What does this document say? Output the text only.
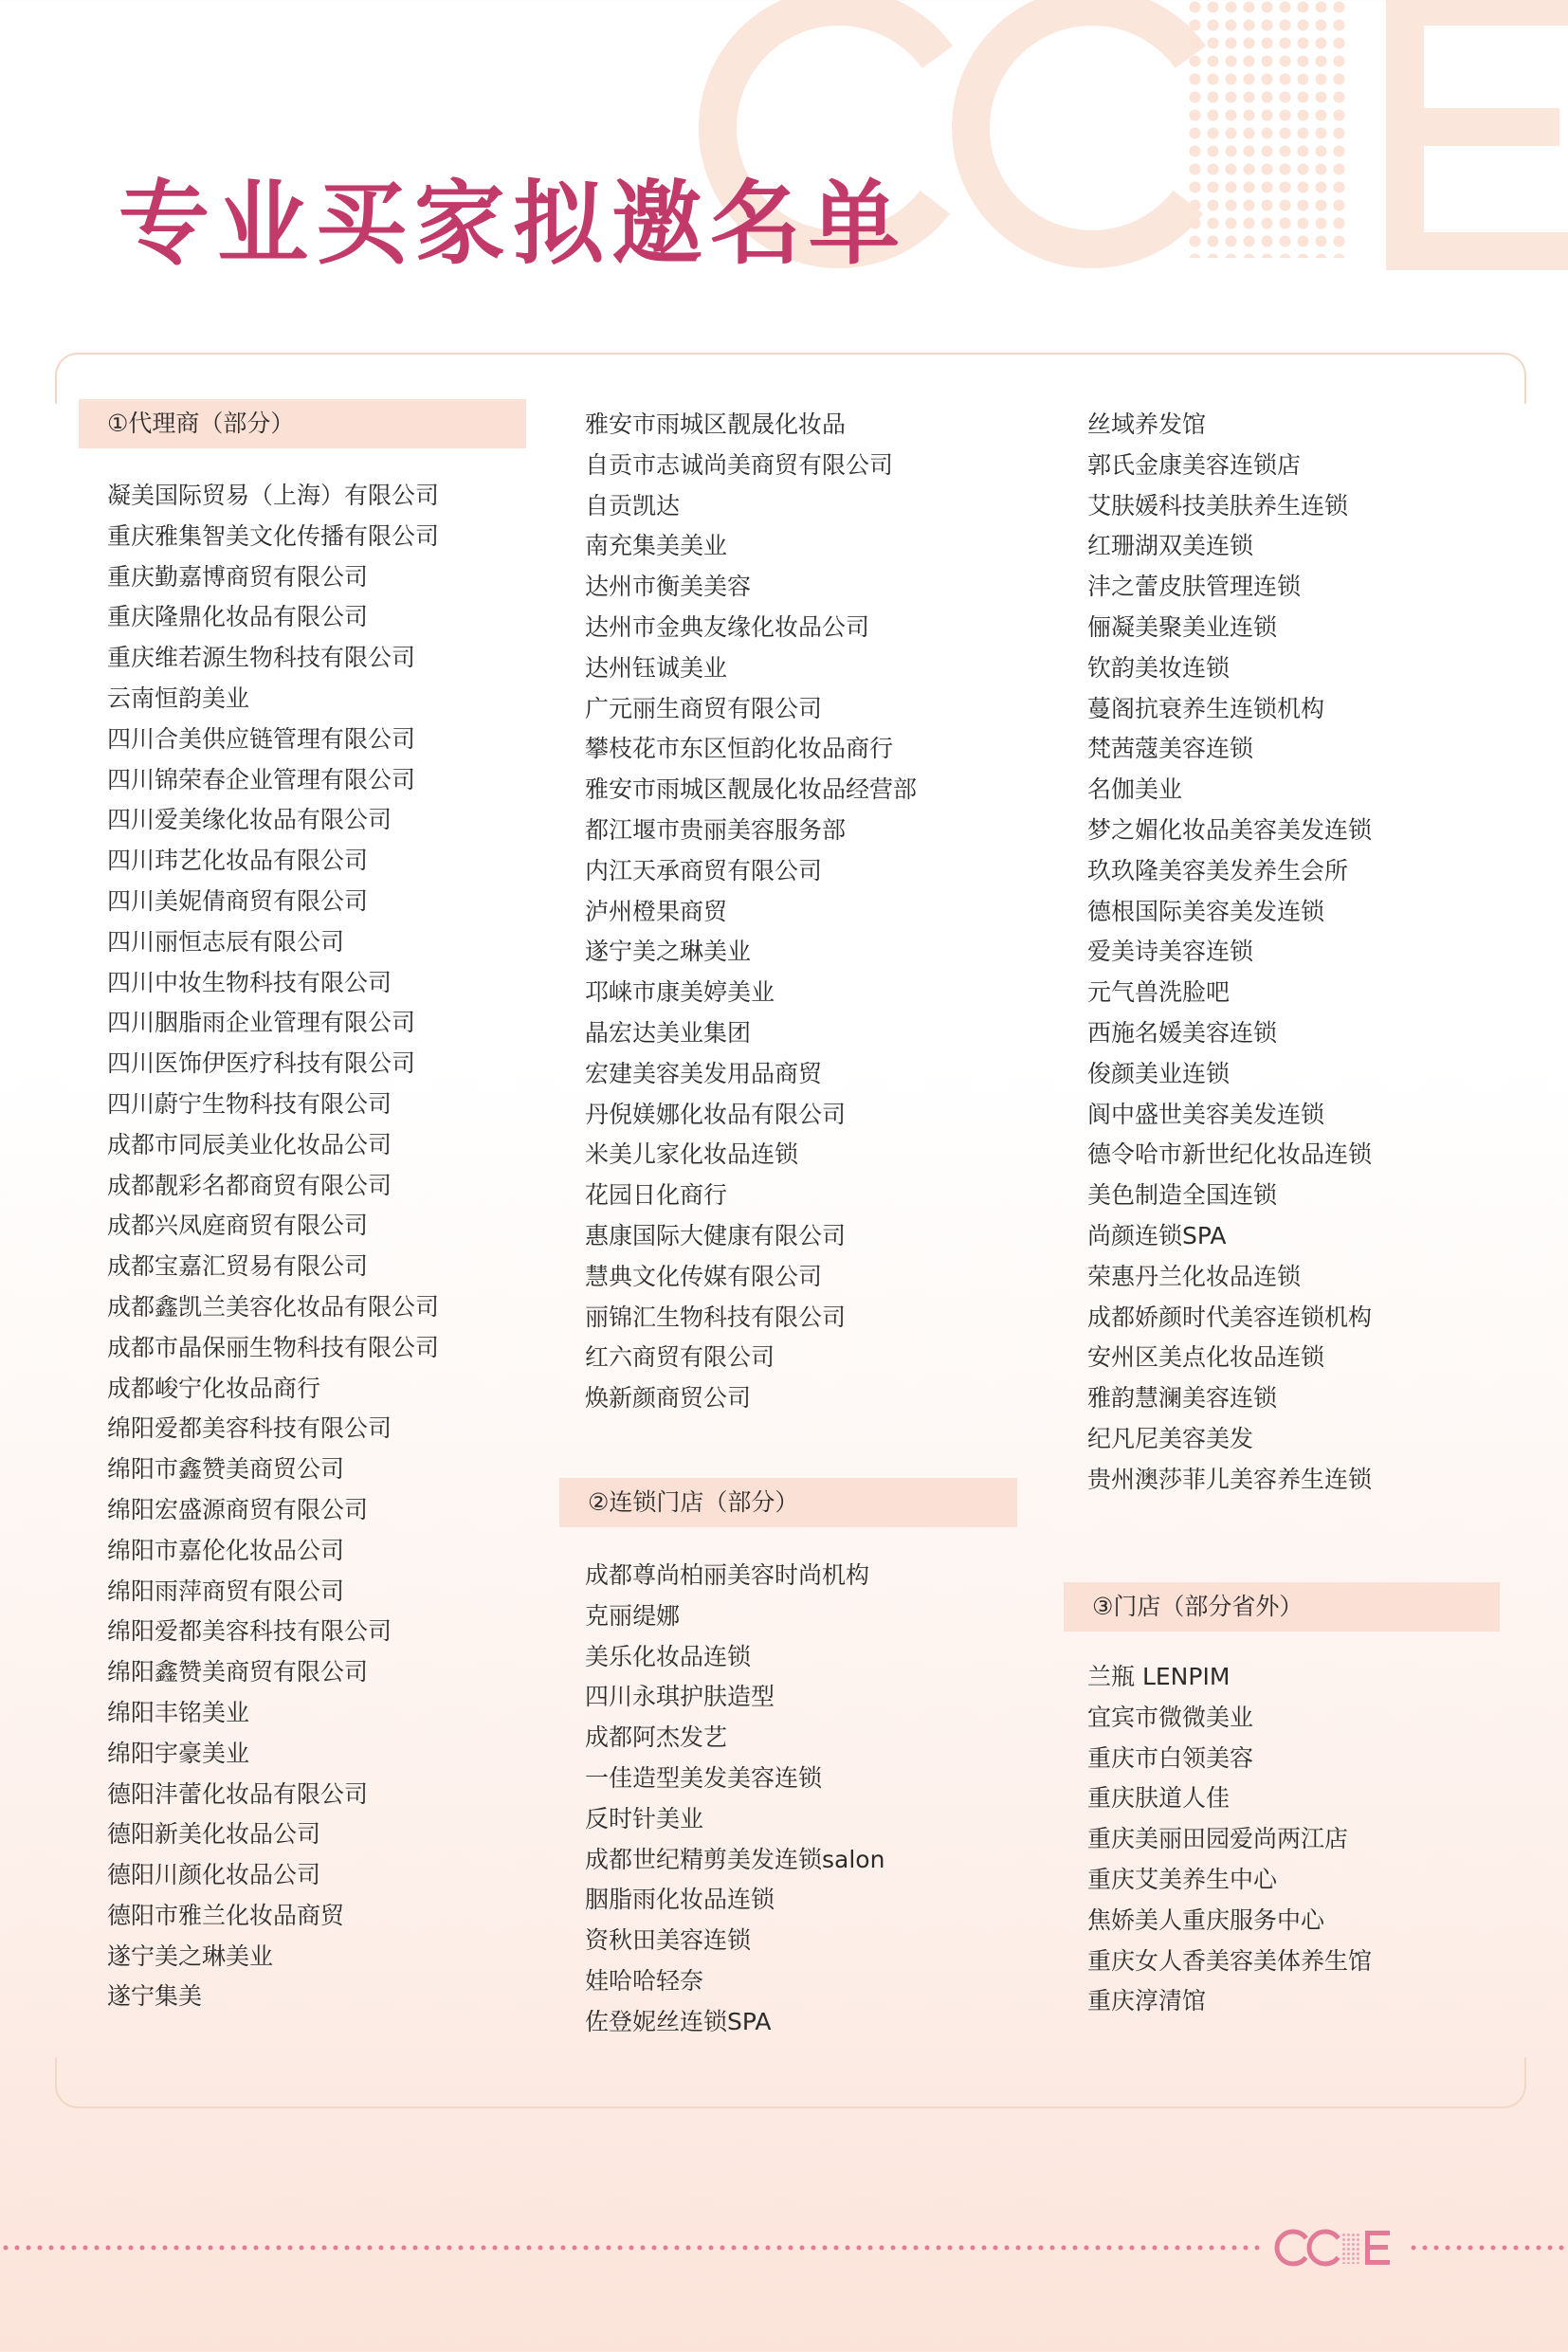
专业买家拟邀名单
①代理商（部分）
凝美国际贸易（上海）有限公司
重庆雅集智美文化传播有限公司
重庆勤嘉博商贸有限公司
重庆隆鼎化妆品有限公司
重庆维若源生物科技有限公司
云南恒韵美业
四川合美供应链管理有限公司
四川锦荣春企业管理有限公司
四川爱美缘化妆品有限公司
四川玮艺化妆品有限公司
四川美妮倩商贸有限公司
四川丽恒志辰有限公司
四川中妆生物科技有限公司
四川胭脂雨企业管理有限公司
四川医饰伊医疗科技有限公司
四川蔚宁生物科技有限公司
成都市同辰美业化妆品公司
成都靓彩名都商贸有限公司
成都兴凤庭商贸有限公司
成都宝嘉汇贸易有限公司
成都鑫凯兰美容化妆品有限公司
成都市晶保丽生物科技有限公司
成都峻宁化妆品商行
绵阳爱都美容科技有限公司
绵阳市鑫赞美商贸公司
绵阳宏盛源商贸有限公司
绵阳市嘉伦化妆品公司
绵阳雨萍商贸有限公司
绵阳爱都美容科技有限公司
绵阳鑫赞美商贸有限公司
绵阳丰铭美业
绵阳宇豪美业
德阳沣蕾化妆品有限公司
德阳新美化妆品公司
德阳川颜化妆品公司
德阳市雅兰化妆品商贸
遂宁美之琳美业
遂宁集美
雅安市雨城区靓晟化妆品
自贡市志诚尚美商贸有限公司
自贡凯达
南充集美美业
达州市衡美美容
达州市金典友缘化妆品公司
达州钰诚美业
广元丽生商贸有限公司
攀枝花市东区恒韵化妆品商行
雅安市雨城区靓晟化妆品经营部
都江堰市贵丽美容服务部
内江天承商贸有限公司
泸州橙果商贸
遂宁美之琳美业
邛崃市康美婷美业
晶宏达美业集团
宏建美容美发用品商贸
丹倪媄娜化妆品有限公司
米美儿家化妆品连锁
花园日化商行
惠康国际大健康有限公司
慧典文化传媒有限公司
丽锦汇生物科技有限公司
红六商贸有限公司
焕新颜商贸公司
②连锁门店（部分）
成都尊尚柏丽美容时尚机构
克丽缇娜
美乐化妆品连锁
四川永琪护肤造型
成都阿杰发艺
一佳造型美发美容连锁
反时针美业
成都世纪精剪美发连锁salon
胭脂雨化妆品连锁
资秋田美容连锁
娃哈哈轻奈
佐登妮丝连锁SPA
丝域养发馆
郭氏金康美容连锁店
艾肤媛科技美肤养生连锁
红珊湖双美连锁
沣之蕾皮肤管理连锁
俪凝美聚美业连锁
钦韵美妆连锁
蔓阁抗衰养生连锁机构
梵茜蔻美容连锁
名伽美业
梦之媚化妆品美容美发连锁
玖玖隆美容美发养生会所
德根国际美容美发连锁
爱美诗美容连锁
元气兽洗脸吧
西施名媛美容连锁
俊颜美业连锁
阆中盛世美容美发连锁
德令哈市新世纪化妆品连锁
美色制造全国连锁
尚颜连锁SPA
荣惠丹兰化妆品连锁
成都娇颜时代美容连锁机构
安州区美点化妆品连锁
雅韵慧澜美容连锁
纪凡尼美容美发
贵州澳莎菲儿美容养生连锁
③门店（部分省外）
兰瓶 LENPIM
宜宾市微微美业
重庆市白领美容
重庆肤道人佳
重庆美丽田园爱尚两江店
重庆艾美养生中心
焦娇美人重庆服务中心
重庆女人香美容美体养生馆
重庆淳清馆
